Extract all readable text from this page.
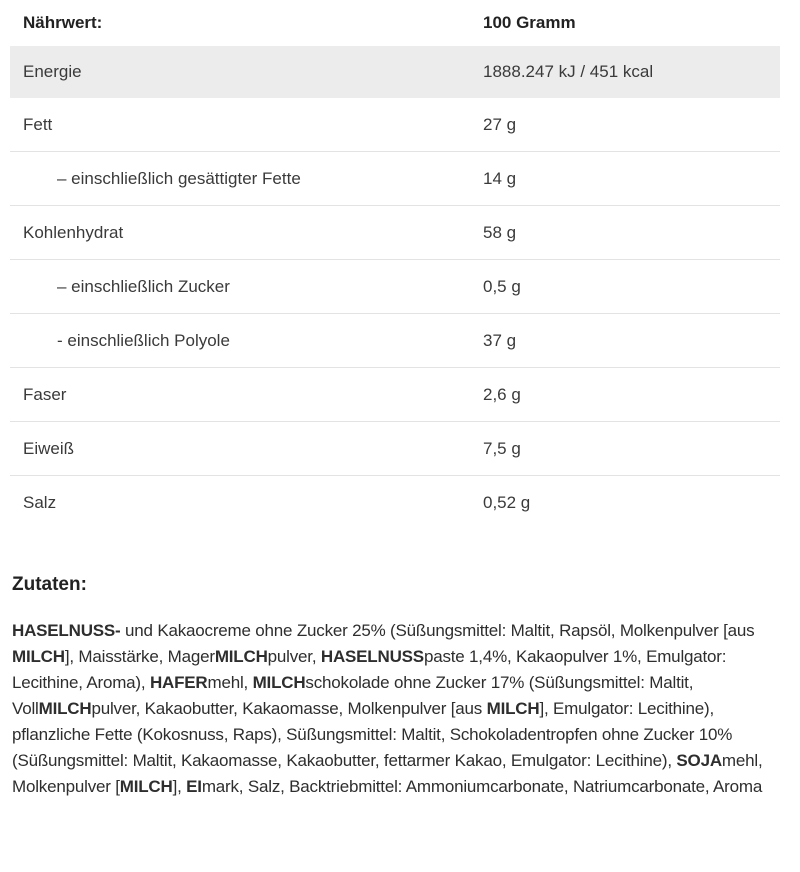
Nährwert:	100 Gramm
Energie	1888.247 kJ / 451 kcal
Fett	27 g
– einschließlich gesättigter Fette	14 g
Kohlenhydrat	58 g
– einschließlich Zucker	0,5 g
- einschließlich Polyole	37 g
Faser	2,6 g
Eiweiß	7,5 g
Salz	0,52 g
Zutaten:

HASELNUSS- und Kakaocreme ohne Zucker 25% (Süßungsmittel: Maltit, Rapsöl, Molkenpulver [aus MILCH], Maisstärke, MagerMILCHpulver, HASELNUSSpaste 1,4%, Kakaopulver 1%, Emulgator: Lecithine, Aroma), HAFERmehl, MILCHschokolade ohne Zucker 17% (Süßungsmittel: Maltit, VollMILCHpulver, Kakaobutter, Kakaomasse, Molkenpulver [aus MILCH], Emulgator: Lecithine), pflanzliche Fette (Kokosnuss, Raps), Süßungsmittel: Maltit, Schokoladentropfen ohne Zucker 10% (Süßungsmittel: Maltit, Kakaomasse, Kakaobutter, fettarmer Kakao, Emulgator: Lecithine), SOJAmehl, Molkenpulver [MILCH], EImark, Salz, Backtriebmittel: Ammoniumcarbonate, Natriumcarbonate, Aroma
